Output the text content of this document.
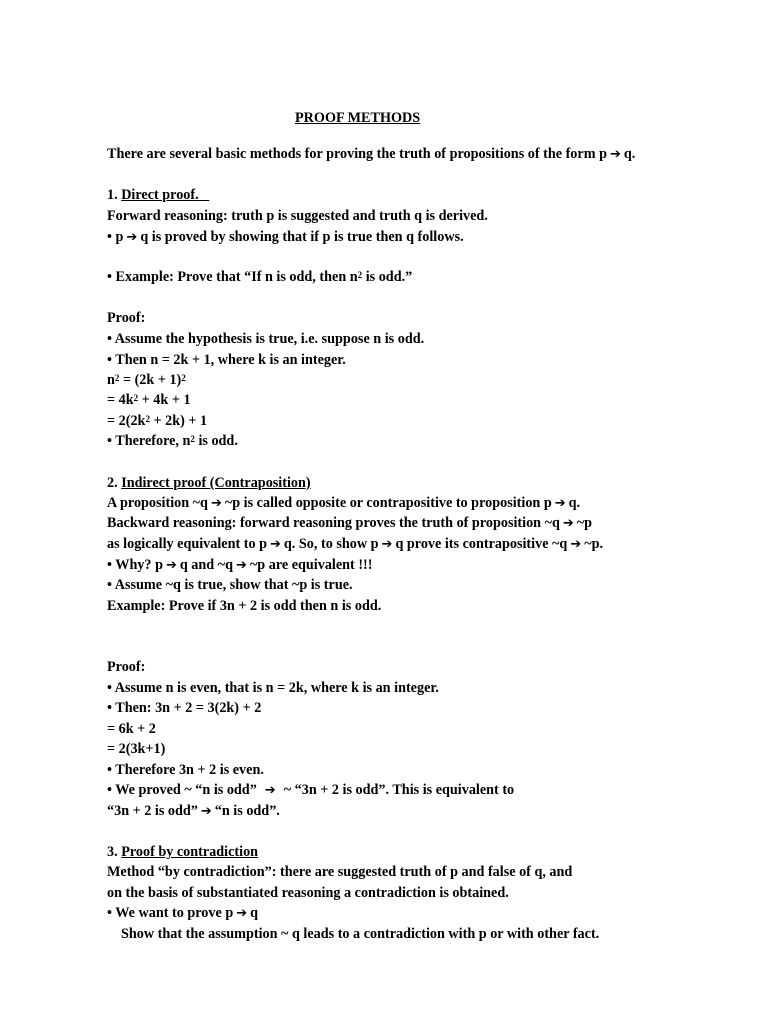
PROOF METHODS
There are several basic methods for proving the truth of propositions of the form p ➔ q.
1. Direct proof.
Forward reasoning: truth p is suggested and truth q is derived.
• p ➔ q is proved by showing that if p is true then q follows.
• Example: Prove that “If n is odd, then $n^2$ is odd.”
Proof:
• Assume the hypothesis is true, i.e. suppose n is odd.
• Then n = 2k + 1, where k is an integer.
$n^2 = (2k + 1)^2$
= $4k^2 + 4k + 1$
= $2(2k^2 + 2k) + 1$
• Therefore, $n^2$ is odd.
2. Indirect proof (Contraposition)
A proposition ~q ➔ ~p is called opposite or contrapositive to proposition p ➔ q.
Backward reasoning: forward reasoning proves the truth of proposition ~q ➔ ~p
as logically equivalent to p ➔ q. So, to show p ➔ q prove its contrapositive ~q ➔ ~p.
• Why? p ➔ q and ~q ➔ ~p are equivalent !!!
• Assume ~q is true, show that ~p is true.
Example: Prove if 3n + 2 is odd then n is odd.
Proof:
• Assume n is even, that is n = 2k, where k is an integer.
• Then: 3n + 2 = 3(2k) + 2
= 6k + 2
= 2(3k+1)
• Therefore 3n + 2 is even.
• We proved ~ “n is odd” ➔ ~ “3n + 2 is odd”. This is equivalent to
“3n + 2 is odd” ➔ “n is odd”.
3. Proof by contradiction
Method “by contradiction”: there are suggested truth of p and false of q, and
on the basis of substantiated reasoning a contradiction is obtained.
• We want to prove p ➔ q
Show that the assumption ~ q leads to a contradiction with p or with other fact.
